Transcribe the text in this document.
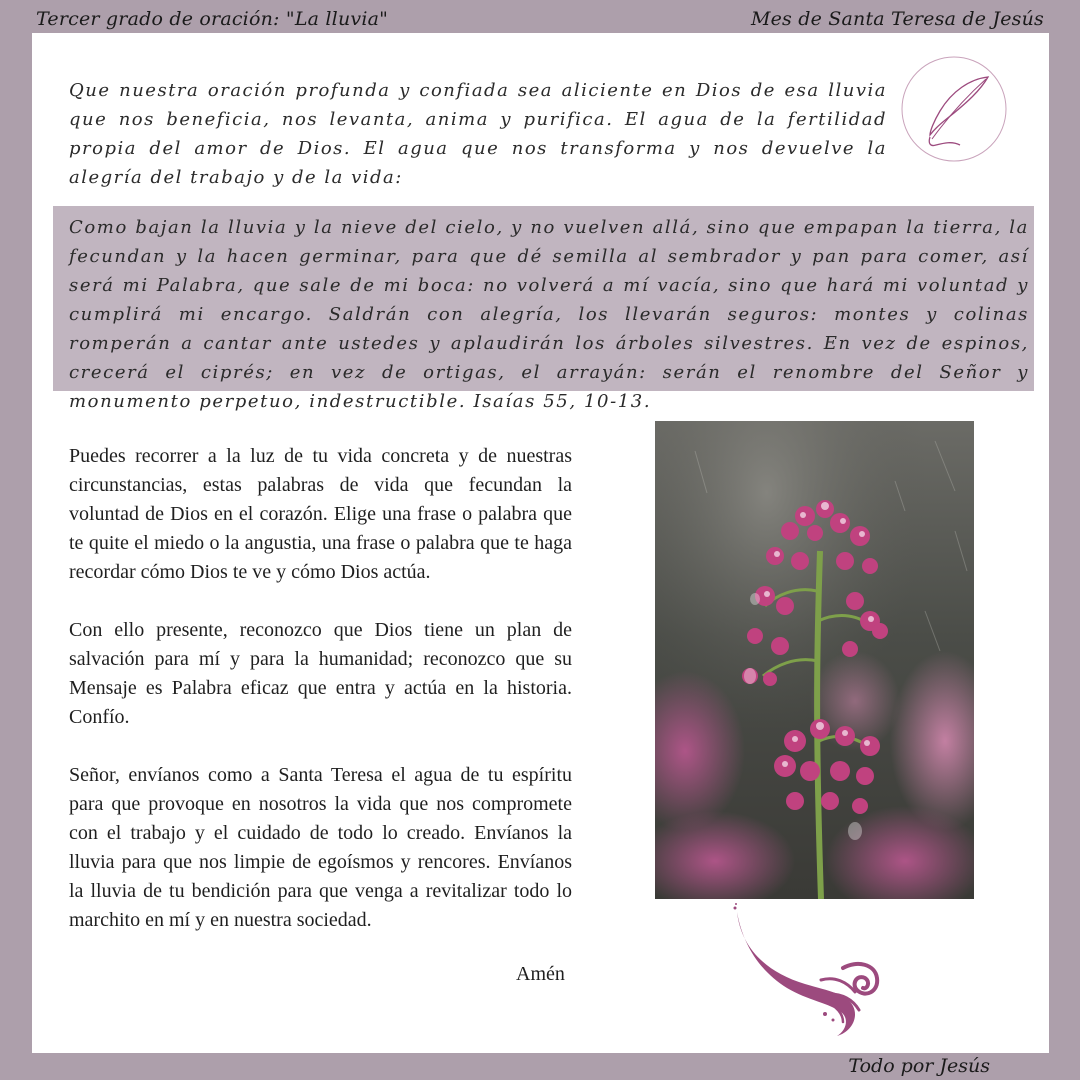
Tercer grado de oración: "La lluvia"	Mes de Santa Teresa de Jesús

Que nuestra oración profunda y confiada sea aliciente en Dios de esa lluvia que nos beneficia, nos levanta, anima y purifica. El agua de la fertilidad propia del amor de Dios. El agua que nos transforma y nos devuelve la alegría del trabajo y de la vida:

Como bajan la lluvia y la nieve del cielo, y no vuelven allá, sino que empapan la tierra, la fecundan y la hacen germinar, para que dé semilla al sembrador y pan para comer, así será mi Palabra, que sale de mi boca: no volverá a mí vacía, sino que hará mi voluntad y cumplirá mi encargo. Saldrán con alegría, los llevarán seguros: montes y colinas romperán a cantar ante ustedes y aplaudirán los árboles silvestres. En vez de espinos, crecerá el ciprés; en vez de ortigas, el arrayán: serán el renombre del Señor y monumento perpetuo, indestructible. Isaías 55, 10-13.

Puedes recorrer a la luz de tu vida concreta y de nuestras circunstancias, estas palabras de vida que fecundan la voluntad de Dios en el corazón. Elige una frase o palabra que te quite el miedo o la angustia, una frase o palabra que te haga recordar cómo Dios te ve y cómo Dios actúa.

Con ello presente, reconozco que Dios tiene un plan de salvación para mí y para la humanidad; reconozco que su Mensaje es Palabra eficaz que entra y actúa en la historia. Confío.

Señor, envíanos como a Santa Teresa el agua de tu espíritu para que provoque en nosotros la vida que nos compromete con el trabajo y el cuidado de todo lo creado. Envíanos la lluvia para que nos limpie de egoísmos y rencores. Envíanos la lluvia de tu bendición para que venga a revitalizar todo lo marchito en mí y en nuestra sociedad.

Amén
Todo por Jesús
